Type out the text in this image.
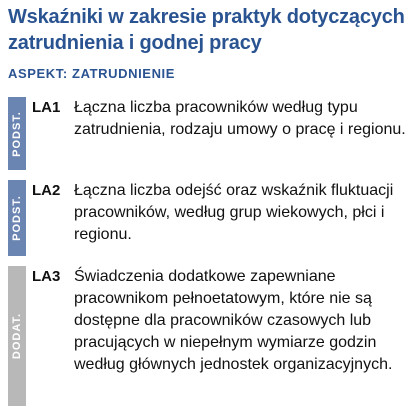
Wskaźniki w zakresie praktyk dotyczących zatrudnienia i godnej pracy
ASPEKT: ZATRUDNIENIE
PODST.
LA1 Łączna liczba pracowników według typu zatrudnienia, rodzaju umowy o pracę i regionu.

PODST.
LA2 Łączna liczba odejść oraz wskaźnik fluktuacji pracowników, według grup wiekowych, płci i regionu.

DODAT.
LA3 Świadczenia dodatkowe zapewniane pracownikom pełnoetatowym, które nie są dostępne dla pracowników czasowych lub pracujących w niepełnym wymiarze godzin według głównych jednostek organizacyjnych.
